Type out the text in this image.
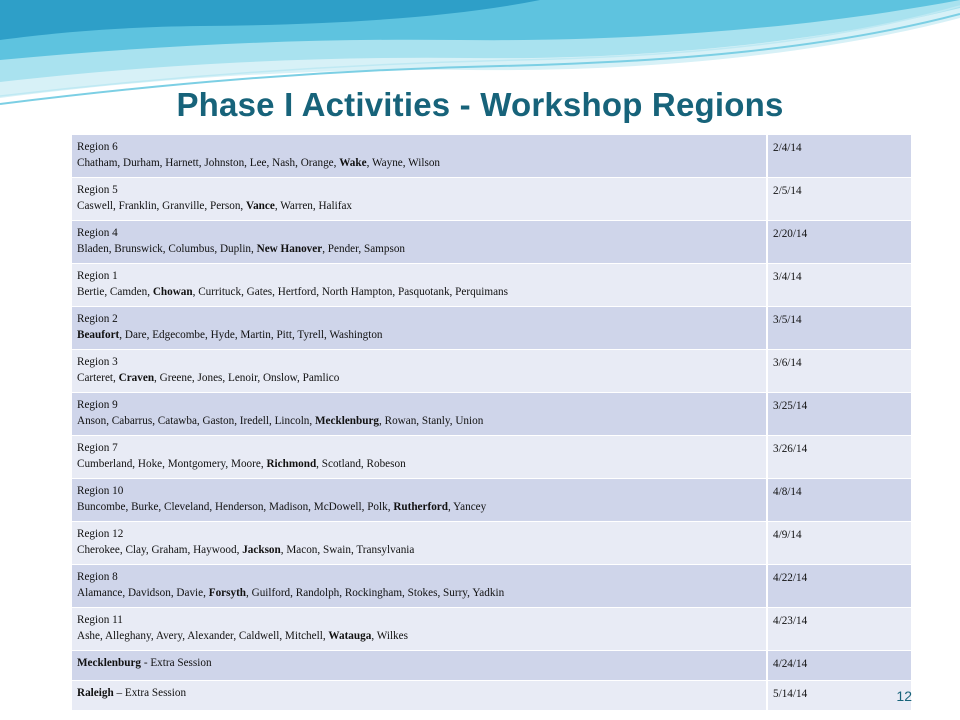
Phase I Activities - Workshop Regions
Region 6
Chatham, Durham, Harnett, Johnston, Lee, Nash, Orange, Wake, Wayne, Wilson	2/4/14

Region 5
Caswell, Franklin, Granville, Person, Vance, Warren, Halifax	2/5/14

Region 4
Bladen, Brunswick, Columbus, Duplin, New Hanover, Pender, Sampson	2/20/14

Region 1
Bertie, Camden, Chowan, Currituck, Gates, Hertford, North Hampton, Pasquotank, Perquimans	3/4/14

Region 2
Beaufort, Dare, Edgecombe, Hyde, Martin, Pitt, Tyrell, Washington	3/5/14

Region 3
Carteret, Craven, Greene, Jones, Lenoir, Onslow, Pamlico	3/6/14

Region 9
Anson, Cabarrus, Catawba, Gaston, Iredell, Lincoln, Mecklenburg, Rowan, Stanly, Union	3/25/14

Region 7
Cumberland, Hoke, Montgomery, Moore, Richmond, Scotland, Robeson	3/26/14

Region 10
Buncombe, Burke, Cleveland, Henderson, Madison, McDowell, Polk, Rutherford, Yancey	4/8/14

Region 12
Cherokee, Clay, Graham, Haywood, Jackson, Macon, Swain, Transylvania	4/9/14

Region 8
Alamance, Davidson, Davie, Forsyth, Guilford, Randolph, Rockingham, Stokes, Surry, Yadkin	4/22/14

Region 11
Ashe, Alleghany, Avery, Alexander, Caldwell, Mitchell, Watauga, Wilkes	4/23/14

Mecklenburg - Extra Session	4/24/14

Raleigh – Extra Session	5/14/14	12
